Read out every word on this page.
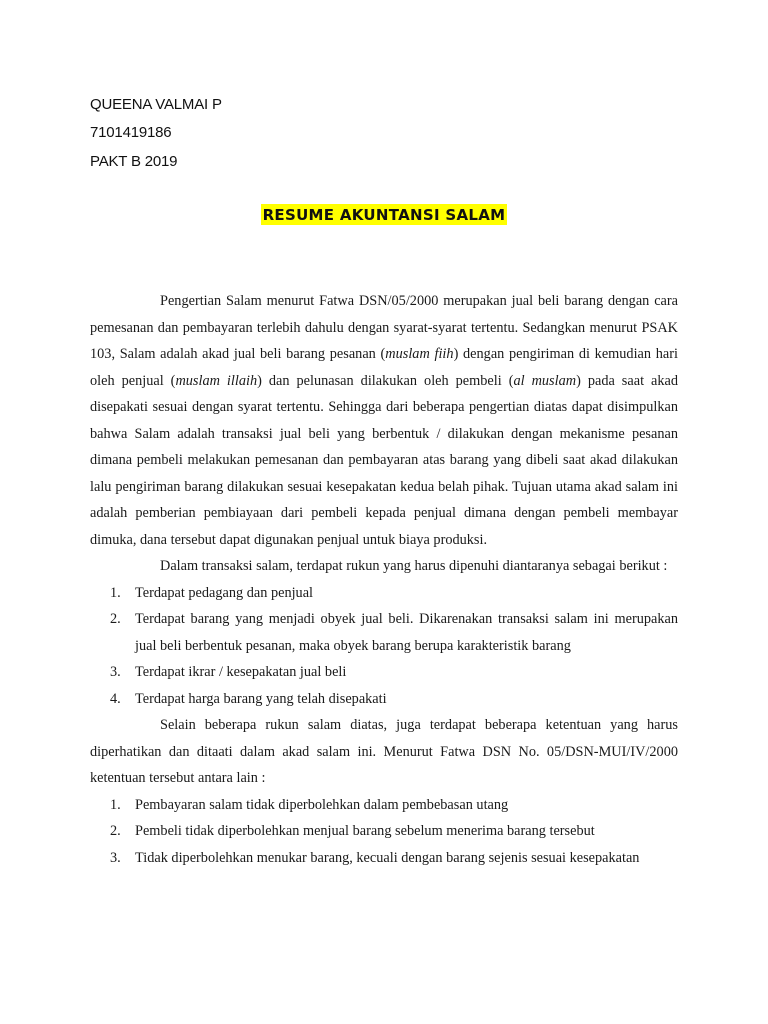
QUEENA VALMAI P
7101419186
PAKT B 2019
RESUME AKUNTANSI SALAM

Pengertian Salam menurut Fatwa DSN/05/2000 merupakan jual beli barang dengan cara pemesanan dan pembayaran terlebih dahulu dengan syarat-syarat tertentu. Sedangkan menurut PSAK 103, Salam adalah akad jual beli barang pesanan (muslam fiih) dengan pengiriman di kemudian hari oleh penjual (muslam illaih) dan pelunasan dilakukan oleh pembeli (al muslam) pada saat akad disepakati sesuai dengan syarat tertentu. Sehingga dari beberapa pengertian diatas dapat disimpulkan bahwa Salam adalah transaksi jual beli yang berbentuk / dilakukan dengan mekanisme pesanan dimana pembeli melakukan pemesanan dan pembayaran atas barang yang dibeli saat akad dilakukan lalu pengiriman barang dilakukan sesuai kesepakatan kedua belah pihak. Tujuan utama akad salam ini adalah pemberian pembiayaan dari pembeli kepada penjual dimana dengan pembeli membayar dimuka, dana tersebut dapat digunakan penjual untuk biaya produksi.

Dalam transaksi salam, terdapat rukun yang harus dipenuhi diantaranya sebagai berikut :

1. Terdapat pedagang dan penjual
2. Terdapat barang yang menjadi obyek jual beli. Dikarenakan transaksi salam ini merupakan jual beli berbentuk pesanan, maka obyek barang berupa karakteristik barang
3. Terdapat ikrar / kesepakatan jual beli
4. Terdapat harga barang yang telah disepakati

Selain beberapa rukun salam diatas, juga terdapat beberapa ketentuan yang harus diperhatikan dan ditaati dalam akad salam ini. Menurut Fatwa DSN No. 05/DSN-MUI/IV/2000 ketentuan tersebut antara lain :

1. Pembayaran salam tidak diperbolehkan dalam pembebasan utang
2. Pembeli tidak diperbolehkan menjual barang sebelum menerima barang tersebut
3. Tidak diperbolehkan menukar barang, kecuali dengan barang sejenis sesuai kesepakatan
